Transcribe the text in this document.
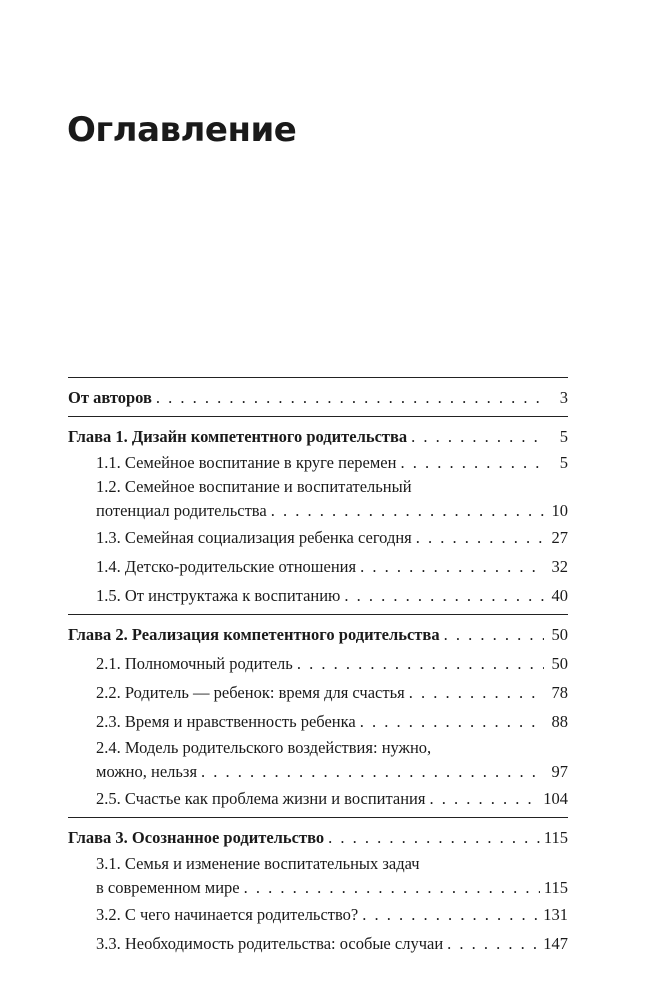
Оглавление
От авторов . . .	3
Глава 1. Дизайн компетентного родительства . . .	5
1.1. Семейное воспитание в круге перемен . . .	5
1.2. Семейное воспитание и воспитательный
потенциал родительства . . .	10
1.3. Семейная социализация ребенка сегодня . . .	27
1.4. Детско-родительские отношения . . .	32
1.5. От инструктажа к воспитанию . . .	40
Глава 2. Реализация компетентного родительства . . .	50
2.1. Полномочный родитель . . .	50
2.2. Родитель — ребенок: время для счастья . . .	78
2.3. Время и нравственность ребенка . . .	88
2.4. Модель родительского воздействия: нужно,
можно, нельзя . . .	97
2.5. Счастье как проблема жизни и воспитания . . .	104
Глава 3. Осознанное родительство . . .	115
3.1. Семья и изменение воспитательных задач
в современном мире . . .	115
3.2. С чего начинается родительство? . . .	131
3.3. Необходимость родительства: особые случаи . . .	147
